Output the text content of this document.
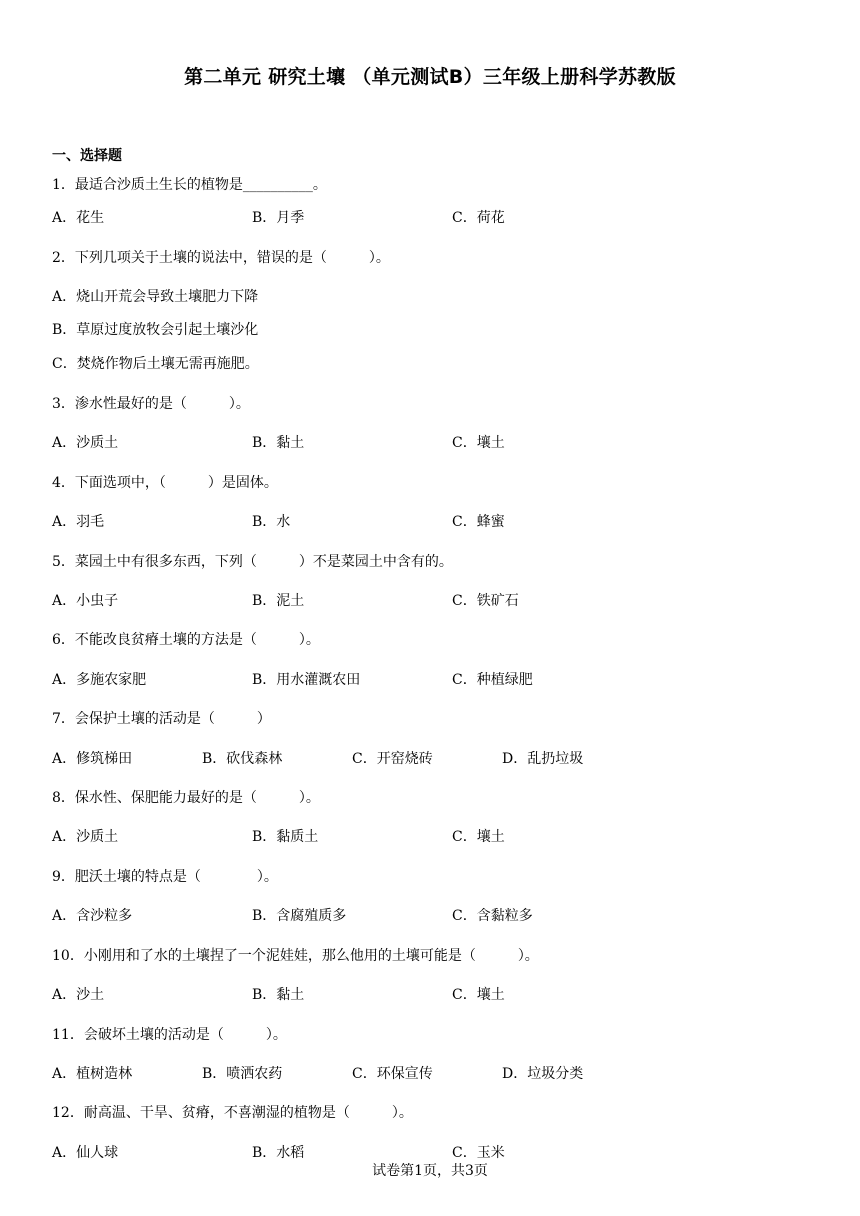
第二单元 研究土壤 （单元测试B）三年级上册科学苏教版
一、选择题
1．最适合沙质土生长的植物是__________。
A．花生	B．月季	C．荷花
2．下列几项关于土壤的说法中，错误的是（　　　）。
A．烧山开荒会导致土壤肥力下降
B．草原过度放牧会引起土壤沙化
C．焚烧作物后土壤无需再施肥。
3．渗水性最好的是（　　　）。
A．沙质土	B．黏土	C．壤土
4．下面选项中，（　　　）是固体。
A．羽毛	B．水	C．蜂蜜
5．菜园土中有很多东西，下列（　　　）不是菜园土中含有的。
A．小虫子	B．泥土	C．铁矿石
6．不能改良贫瘠土壤的方法是（　　　）。
A．多施农家肥	B．用水灌溉农田	C．种植绿肥
7．会保护土壤的活动是（　　　）
A．修筑梯田	B．砍伐森林	C．开窑烧砖	D．乱扔垃圾
8．保水性、保肥能力最好的是（　　　）。
A．沙质土	B．黏质土	C．壤土
9．肥沃土壤的特点是（　　　　）。
A．含沙粒多	B．含腐殖质多	C．含黏粒多
10．小刚用和了水的土壤捏了一个泥娃娃，那么他用的土壤可能是（　　　）。
A．沙土	B．黏土	C．壤土
11．会破坏土壤的活动是（　　　）。
A．植树造林	B．喷洒农药	C．环保宣传	D．垃圾分类
12．耐高温、干旱、贫瘠，不喜潮湿的植物是（　　　）。
A．仙人球	B．水稻	C．玉米
试卷第1页，共3页
